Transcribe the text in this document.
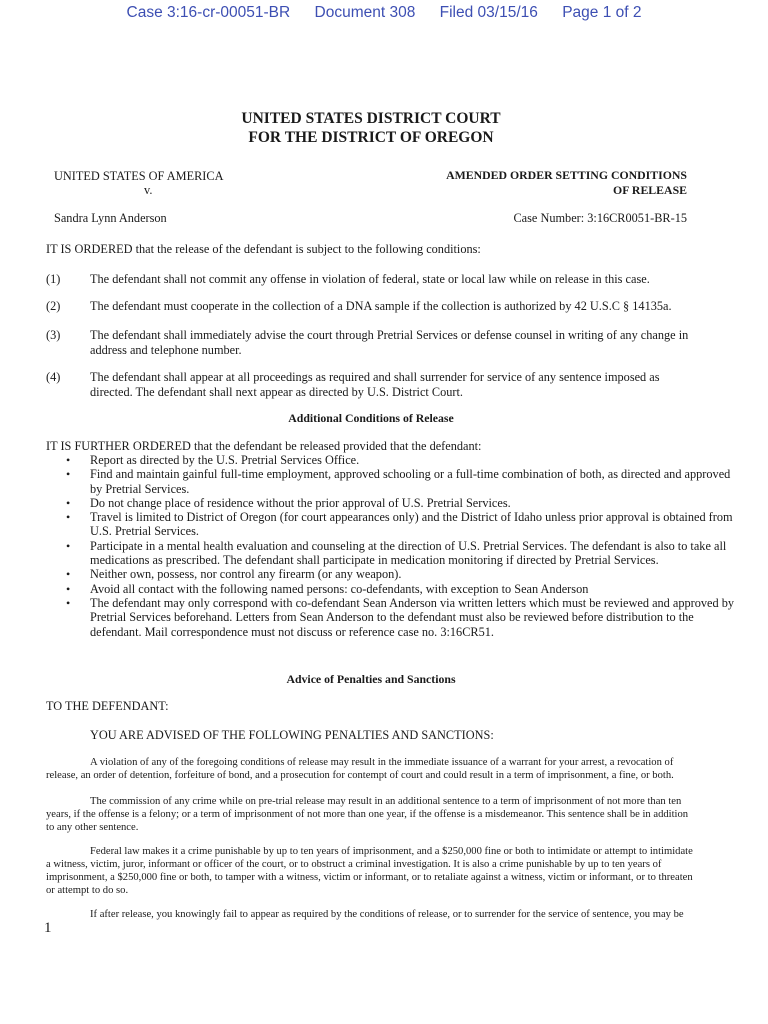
Case 3:16-cr-00051-BR Document 308 Filed 03/15/16 Page 1 of 2
UNITED STATES DISTRICT COURT
FOR THE DISTRICT OF OREGON
UNITED STATES OF AMERICA
v.
Sandra Lynn Anderson
AMENDED ORDER SETTING CONDITIONS
OF RELEASE
Case Number: 3:16CR0051-BR-15
IT IS ORDERED that the release of the defendant is subject to the following conditions:
(1) The defendant shall not commit any offense in violation of federal, state or local law while on release in this case.
(2) The defendant must cooperate in the collection of a DNA sample if the collection is authorized by 42 U.S.C § 14135a.
(3) The defendant shall immediately advise the court through Pretrial Services or defense counsel in writing of any change in address and telephone number.
(4) The defendant shall appear at all proceedings as required and shall surrender for service of any sentence imposed as directed. The defendant shall next appear as directed by U.S. District Court.
Additional Conditions of Release
IT IS FURTHER ORDERED that the defendant be released provided that the defendant:
• Report as directed by the U.S. Pretrial Services Office.
• Find and maintain gainful full-time employment, approved schooling or a full-time combination of both, as directed and approved by Pretrial Services.
• Do not change place of residence without the prior approval of U.S. Pretrial Services.
• Travel is limited to District of Oregon (for court appearances only) and the District of Idaho unless prior approval is obtained from U.S. Pretrial Services.
• Participate in a mental health evaluation and counseling at the direction of U.S. Pretrial Services. The defendant is also to take all medications as prescribed. The defendant shall participate in medication monitoring if directed by Pretrial Services.
• Neither own, possess, nor control any firearm (or any weapon).
• Avoid all contact with the following named persons: co-defendants, with exception to Sean Anderson
• The defendant may only correspond with co-defendant Sean Anderson via written letters which must be reviewed and approved by Pretrial Services beforehand. Letters from Sean Anderson to the defendant must also be reviewed before distribution to the defendant. Mail correspondence must not discuss or reference case no. 3:16CR51.
Advice of Penalties and Sanctions
TO THE DEFENDANT:
YOU ARE ADVISED OF THE FOLLOWING PENALTIES AND SANCTIONS:
A violation of any of the foregoing conditions of release may result in the immediate issuance of a warrant for your arrest, a revocation of release, an order of detention, forfeiture of bond, and a prosecution for contempt of court and could result in a term of imprisonment, a fine, or both.
The commission of any crime while on pre-trial release may result in an additional sentence to a term of imprisonment of not more than ten years, if the offense is a felony; or a term of imprisonment of not more than one year, if the offense is a misdemeanor. This sentence shall be in addition to any other sentence.
Federal law makes it a crime punishable by up to ten years of imprisonment, and a $250,000 fine or both to intimidate or attempt to intimidate a witness, victim, juror, informant or officer of the court, or to obstruct a criminal investigation. It is also a crime punishable by up to ten years of imprisonment, a $250,000 fine or both, to tamper with a witness, victim or informant, or to retaliate against a witness, victim or informant, or to threaten or attempt to do so.
If after release, you knowingly fail to appear as required by the conditions of release, or to surrender for the service of sentence, you may be
1
